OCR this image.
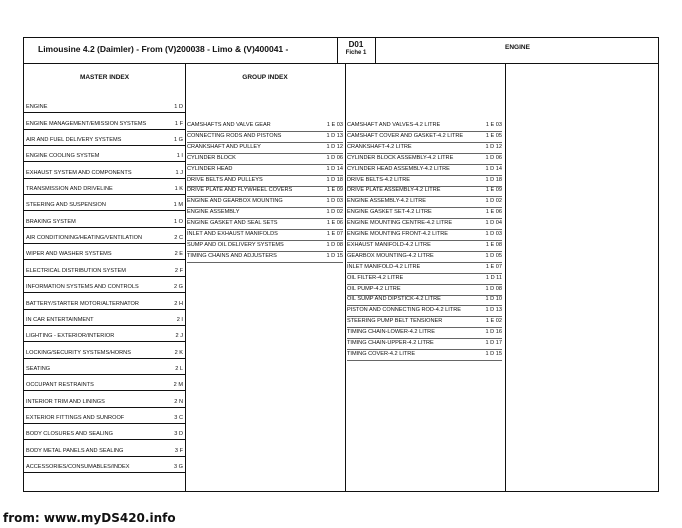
Limousine 4.2 (Daimler) - From (V)200038 - Limo & (V)400041 -	D01
Fiche 1
ENGINE
MASTER INDEX	GROUP INDEX
ENGINE	1 D
ENGINE MANAGEMENT/EMISSION SYSTEMS	1 F
AIR AND FUEL DELIVERY SYSTEMS	1 G
ENGINE COOLING SYSTEM	1 I
EXHAUST SYSTEM AND COMPONENTS	1 J
TRANSMISSION AND DRIVELINE	1 K
STEERING AND SUSPENSION	1 M
BRAKING SYSTEM	1 O
AIR CONDITIONING/HEATING/VENTILATION	2 C
WIPER AND WASHER SYSTEMS	2 E
ELECTRICAL DISTRIBUTION SYSTEM	2 F
INFORMATION SYSTEMS AND CONTROLS	2 G
BATTERY/STARTER MOTOR/ALTERNATOR	2 H
IN CAR ENTERTAINMENT	2 I
LIGHTING - EXTERIOR/INTERIOR	2 J
LOCKING/SECURITY SYSTEMS/HORNS	2 K
SEATING	2 L
OCCUPANT RESTRAINTS	2 M
INTERIOR TRIM AND LININGS	2 N
EXTERIOR FITTINGS AND SUNROOF	3 C
BODY CLOSURES AND SEALING	3 D
BODY METAL PANELS AND SEALING	3 F
ACCESSORIES/CONSUMABLES/INDEX	3 G
CAMSHAFTS AND VALVE GEAR	1 E 03
CONNECTING RODS AND PISTONS	1 D 13
CRANKSHAFT AND PULLEY	1 D 12
CYLINDER BLOCK	1 D 06
CYLINDER HEAD	1 D 14
DRIVE BELTS AND PULLEYS	1 D 18
DRIVE PLATE AND FLYWHEEL COVERS	1 E 09
ENGINE AND GEARBOX MOUNTING	1 D 03
ENGINE ASSEMBLY	1 D 02
ENGINE GASKET AND SEAL SETS	1 E 06
INLET AND EXHAUST MANIFOLDS	1 E 07
SUMP AND OIL DELIVERY SYSTEMS	1 D 08
TIMING CHAINS AND ADJUSTERS	1 D 15
CAMSHAFT AND VALVES-4.2 LITRE	1 E 03
CAMSHAFT COVER AND GASKET-4.2 LITRE	1 E 05
CRANKSHAFT-4.2 LITRE	1 D 12
CYLINDER BLOCK ASSEMBLY-4.2 LITRE	1 D 06
CYLINDER HEAD ASSEMBLY-4.2 LITRE	1 D 14
DRIVE BELTS-4.2 LITRE	1 D 18
DRIVE PLATE ASSEMBLY-4.2 LITRE	1 E 09
ENGINE ASSEMBLY-4.2 LITRE	1 D 02
ENGINE GASKET SET-4.2 LITRE	1 E 06
ENGINE MOUNTING CENTRE-4.2 LITRE	1 D 04
ENGINE MOUNTING FRONT-4.2 LITRE	1 D 03
EXHAUST MANIFOLD-4.2 LITRE	1 E 08
GEARBOX MOUNTING-4.2 LITRE	1 D 05
INLET MANIFOLD-4.2 LITRE	1 E 07
OIL FILTER-4.2 LITRE	1 D 11
OIL PUMP-4.2 LITRE	1 D 08
OIL SUMP AND DIPSTICK-4.2 LITRE	1 D 10
PISTON AND CONNECTING ROD-4.2 LITRE	1 D 13
STEERING PUMP BELT TENSIONER	1 E 02
TIMING CHAIN-LOWER-4.2 LITRE	1 D 16
TIMING CHAIN-UPPER-4.2 LITRE	1 D 17
TIMING COVER-4.2 LITRE	1 D 15
from: www.myDS420.info
